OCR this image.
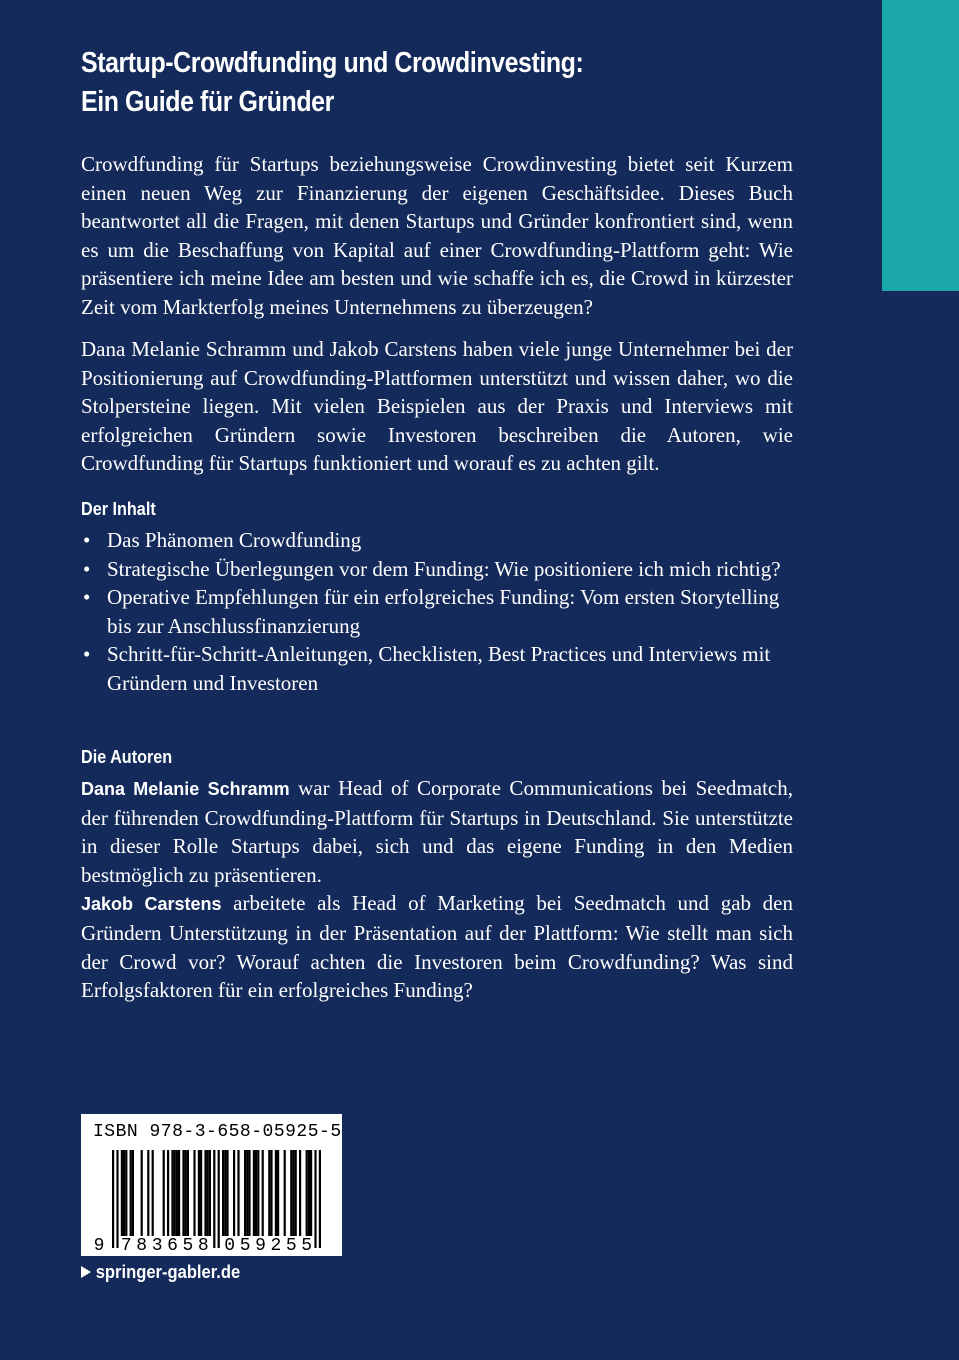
Startup-Crowdfunding und Crowdinvesting:
Ein Guide für Gründer

Crowdfunding für Startups beziehungsweise Crowdinvesting bietet seit Kurzem einen neuen Weg zur Finanzierung der eigenen Geschäftsidee. Dieses Buch beantwortet all die Fragen, mit denen Startups und Gründer konfrontiert sind, wenn es um die Beschaffung von Kapital auf einer Crowdfunding-Plattform geht: Wie präsentiere ich meine Idee am besten und wie schaffe ich es, die Crowd in kürzester Zeit vom Markterfolg meines Unternehmens zu überzeugen?

Dana Melanie Schramm und Jakob Carstens haben viele junge Unternehmer bei der Positionierung auf Crowdfunding-Plattformen unterstützt und wissen daher, wo die Stolpersteine liegen. Mit vielen Beispielen aus der Praxis und Interviews mit erfolgreichen Gründern sowie Investoren beschreiben die Autoren, wie Crowdfunding für Startups funktioniert und worauf es zu achten gilt.

Der Inhalt
• Das Phänomen Crowdfunding
• Strategische Überlegungen vor dem Funding: Wie positioniere ich mich richtig?
• Operative Empfehlungen für ein erfolgreiches Funding: Vom ersten Storytelling bis zur Anschlussfinanzierung
• Schritt-für-Schritt-Anleitungen, Checklisten, Best Practices und Interviews mit Gründern und Investoren
Die Autoren
Dana Melanie Schramm war Head of Corporate Communications bei Seedmatch, der führenden Crowdfunding-Plattform für Startups in Deutschland. Sie unterstützte in dieser Rolle Startups dabei, sich und das eigene Funding in den Medien bestmöglich zu präsentieren.
Jakob Carstens arbeitete als Head of Marketing bei Seedmatch und gab den Gründern Unterstützung in der Präsentation auf der Plattform: Wie stellt man sich der Crowd vor? Worauf achten die Investoren beim Crowdfunding? Was sind Erfolgsfaktoren für ein erfolgreiches Funding?
ISBN 978-3-658-05925-5
9 7 8 3 6 5 8 0 5 9 2 5 5
springer-gabler.de
